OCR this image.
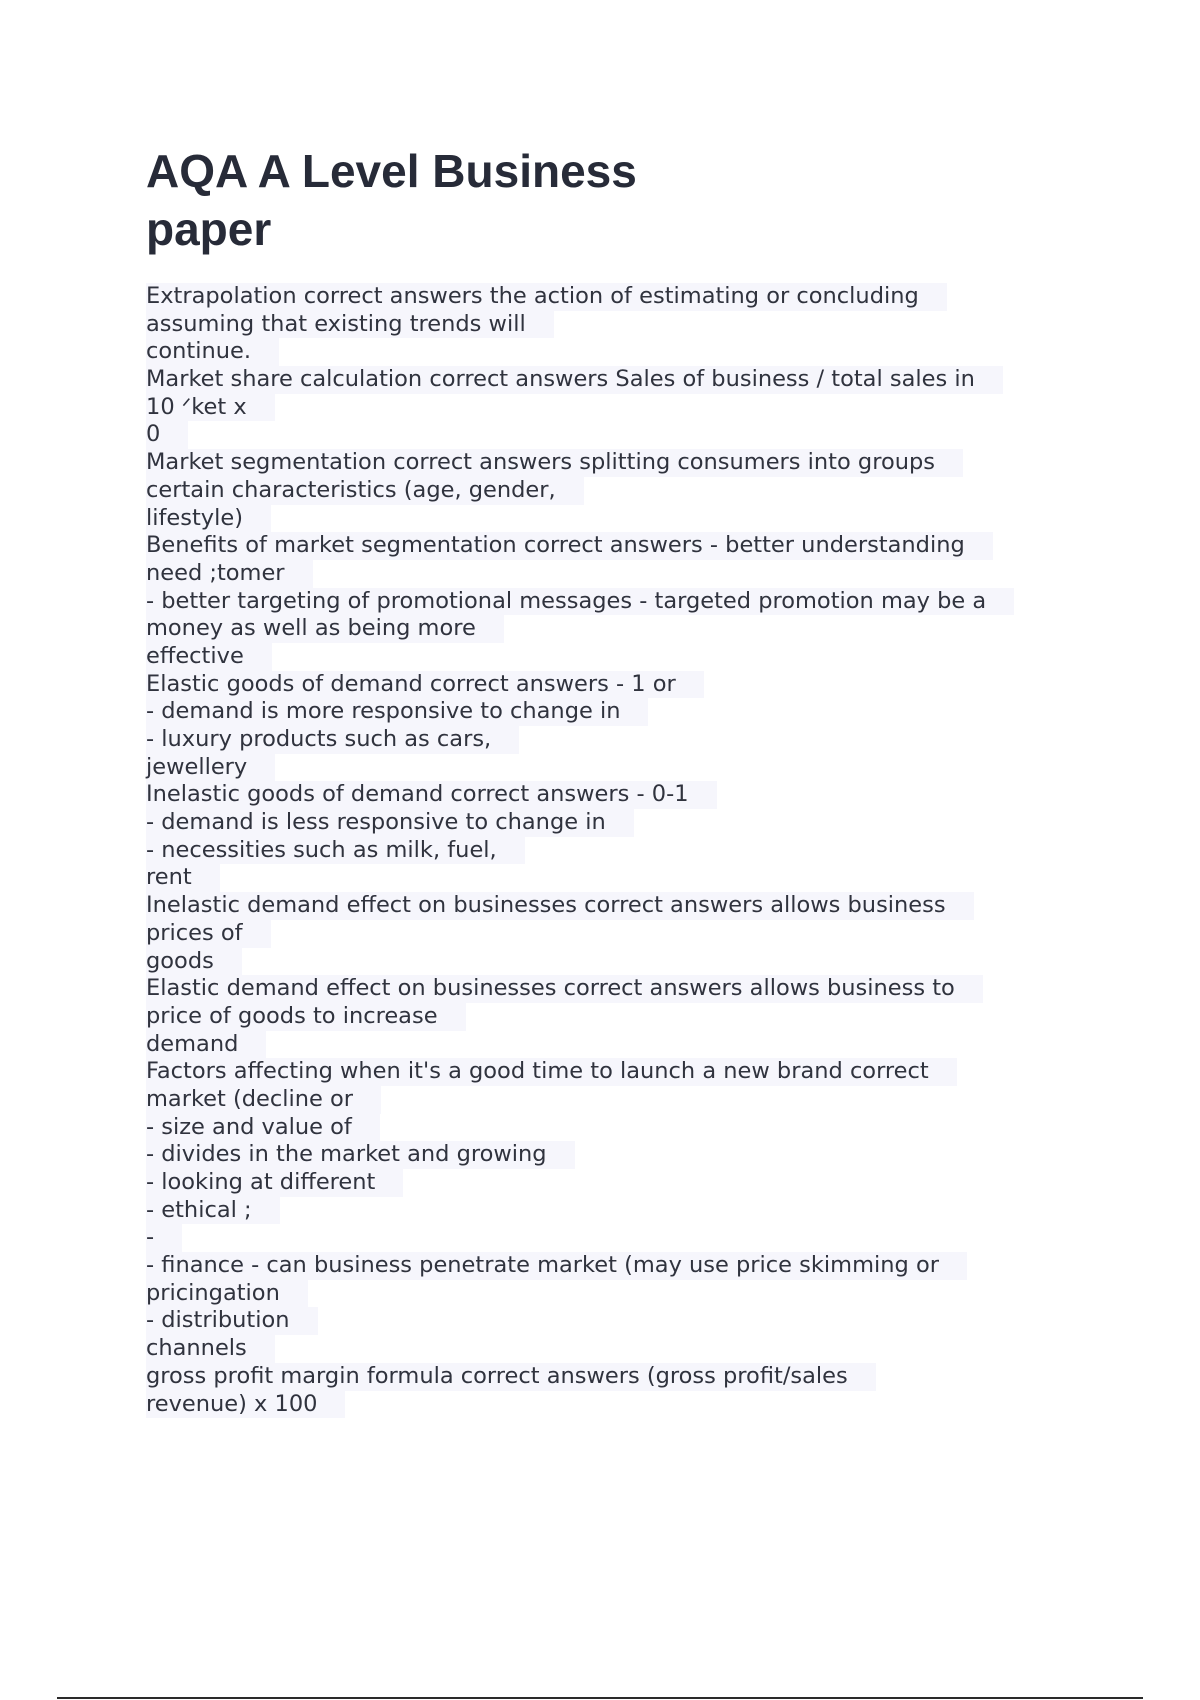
AQA A Level Business
paper
Extrapolation correct answers the action of estimating or concluding
assuming that existing trends will
continue.
Market share calculation correct answers Sales of business / total sales in
10 ᐟket x
0
Market segmentation correct answers splitting consumers into groups
certain characteristics (age, gender,
lifestyle)
Benefits of market segmentation correct answers - better understanding
need ;tomer
- better targeting of promotional messages - targeted promotion may be a
money as well as being more
effective
Elastic goods of demand correct answers - 1 or
- demand is more responsive to change in
- luxury products such as cars,
jewellery
Inelastic goods of demand correct answers - 0-1
- demand is less responsive to change in
- necessities such as milk, fuel,
rent
Inelastic demand effect on businesses correct answers allows business
prices of
goods
Elastic demand effect on businesses correct answers allows business to
price of goods to increase
demand
Factors affecting when it's a good time to launch a new brand correct
market (decline or
- size and value of
- divides in the market and growing
- looking at different
- ethical ;
-
- finance - can business penetrate market (may use price skimming or
pricingation
- distribution
channels
gross profit margin formula correct answers (gross profit/sales
revenue) x 100
